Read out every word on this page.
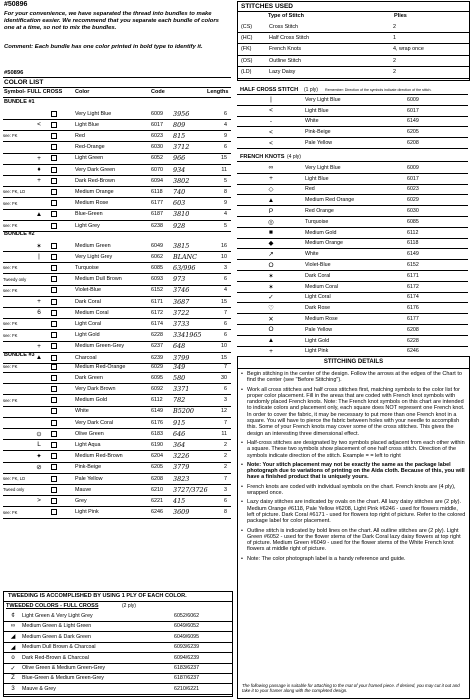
#50896
For your convenience, we have separated the thread into bundles to make identification easier. We recommend that you separate each bundle of colors one at a time, so not to mix the bundles.
Comment: Each bundle has one color printed in bold type to identify it.
#50896
COLOR LIST
Symbol- FULL CROSS Color	Code	Lengths
BUNDLE #1
Very Light Blue	6009	3956	6
<	Light Blue	6017	809	4
see: FK	Red	6023	815	9
Red-Orange	6030	3712	6
+	Light Green	6052	966	15
♦	Very Dark Green	6070	934	11
+	Dark Red-Brown	6094	3802	5
see: FK, LD	Medium Orange	6118	740	8
see: FK	Medium Rose	6177	603	9
▲	Blue-Green	6187	3810	4
see: FK	Light Grey	6238	928	5
BUNDLE #2
✶	Medium Green	6049	3815	16
|	Very Light Grey	6062	BLANC	10
see: FK	Turquoise	6085	63/996	3
Tweedy only	Medium Dull Brown	6093	973	6
see: FK	Violet-Blue	6152	3746	4
+	Dark Coral	6171	3687	15
6	Medium Coral	6172	3722	7
see: FK	Light Coral	6174	3733	6
see: FK	Light Gold	6228	3341965	6
+	Medium Green-Grey	6237	648	10
▲	Charcoal	6239	3799	15
BUNDLE #3
see: FK	Medium Red-Orange	6029	349	7
Dark Green	6095	580	30
Very Dark Brown	6092	3371	6
see: FK	Medium Gold	6112	782	3
White	6149	B5200	12
Very Dark Coral	6176	915	7
⊙	Olive Green	6183	646	11
L	Light Aqua	6190	364	2
✦	Medium Red-Brown	6204	3226	2
⊘	Pink-Beige	6205	3779	2
see: FK, LD	Pale Yellow	6208	3823	7
Tweed only	Mauve	6210	3727/3726	3
>	Grey	6221	415	6
see: FK	Light Pink	6246	3609	8
TWEEDING IS ACCOMPLISHED BY USING 1 PLY OF EACH COLOR.
TWEEDED COLORS - FULL CROSS	(2 ply)
¢	Light Green & Very Light Grey	6052/6062
∞	Medium Green & Light Green	6049/6052
◢	Medium Green & Dark Green	6049/6095
◢	Medium Dull Brown & Charcoal	6093/6239
o	Dark Red-Brown & Charcoal	6094/6239
✓	Olive Green & Medium Green-Grey	6183/6237
Z	Blue-Green & Medium Green-Grey	6187/6237
3	Mauve & Grey	6210/6221
STITCHES USED
Type of Stitch	Plies
(CS)	Cross Stitch	2
(HC)	Half Cross Stitch	1
(FK)	French Knots	4, wrap once
(OS)	Outline Stitch	2
(LD)	Lazy Daisy	2
HALF CROSS STITCH (1 ply) Remember: Direction of the symbols indicate direction of the stitch.
|	Very Light Blue	6009
<	Light Blue	6017
-	White	6149
<	Pink-Beige	6205
<	Pale Yellow	6208
FRENCH KNOTS (4 ply)
∞	Very Light Blue	6009
+	Light Blue	6017
◇	Red	6023
▲	Medium Red Orange	6029
P	Red Orange	6030
◎	Turquoise	6085
■	Medium Gold	6112
◆	Medium Orange	6118
↗	White	6149
O	Violet-Blue	6152
✶	Dark Coral	6171
✶	Medium Coral	6172
✓	Light Coral	6174
♡	Dark Rose	6176
✕	Medium Rose	6177
O	Pale Yellow	6208
▲	Light Gold	6228
+	Light Pink	6246
STITCHING DETAILS
• Begin stitching in the center of the design. Follow the arrows at the edges of the Chart to find the center (see "Before Stitching").
• Work all cross stitches and half cross stitches first, matching symbols to the color list for proper color placement. Fill in the areas that are coded with French knot symbols with randomly placed French knots. Note: The French knot symbols on this chart are intended to indicate colors and placement only, each square does NOT represent one French knot. In order to cover the fabric, it may be necessary to put more than one French knot in a square. You will have to pierce the fabric between holes with your needle to accomplish this. Some of your French knots may cover some of the cross stitches. This gives the design an interesting three dimensional effect.
• Half-cross stitches are designated by two symbols placed adjacent from each other within a square. These two symbols show placement of one half cross stitch. Direction of the symbols indicate direction of the stitch. Example = = left to right
• Note: Your stitch placement may not be exactly the same as the package label photograph due to variations of printing on the Aida cloth. Because of this, you will have a finished product that is uniquely yours.
• French knots are coded with individual symbols on the chart. French knots are (4 ply), wrapped once.
• Lazy daisy stitches are indicated by ovals on the chart. All lazy daisy stitches are (2 ply). Medium Orange #6118, Pale Yellow #6208, Light Pink #6246 - used for flowers middle, left of picture. Dark Coral #6171 - used for flowers top right of picture. Refer to the colored package label for color placement.
• Outline stitch is indicated by bold lines on the chart. All outline stitches are (2 ply). Light Green #6052 - used for the flower stems of the Dark Coral lazy daisy flowers at top right of picture. Medium Green #6049 - used for the flower stems of the White French knot flowers at middle right of picture.
• Note: The color photograph label is a handy reference and guide.
The following passage is suitable for attaching to the mat of your framed piece. If desired, you may cut it out and take it to your framer along with the completed design.
